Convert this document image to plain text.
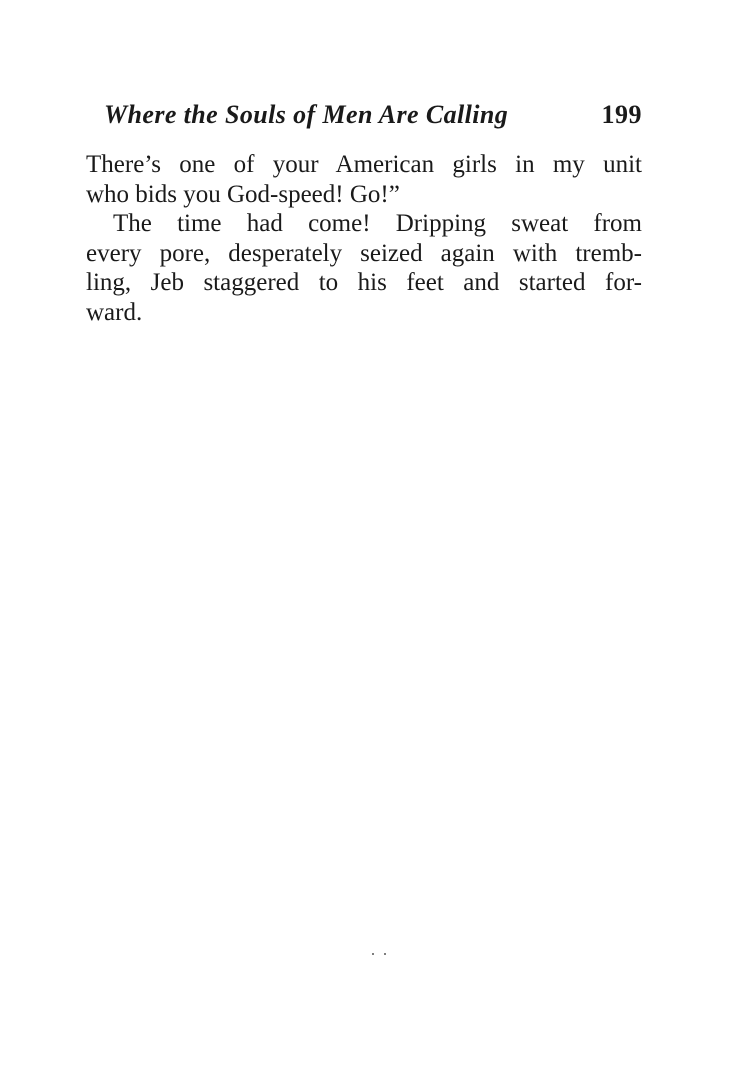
Where the Souls of Men Are Calling	199
There’s one of your American girls in my unit
who bids you God-speed! Go!”
The time had come! Dripping sweat from
every pore, desperately seized again with tremb-
ling, Jeb staggered to his feet and started for-
ward.
